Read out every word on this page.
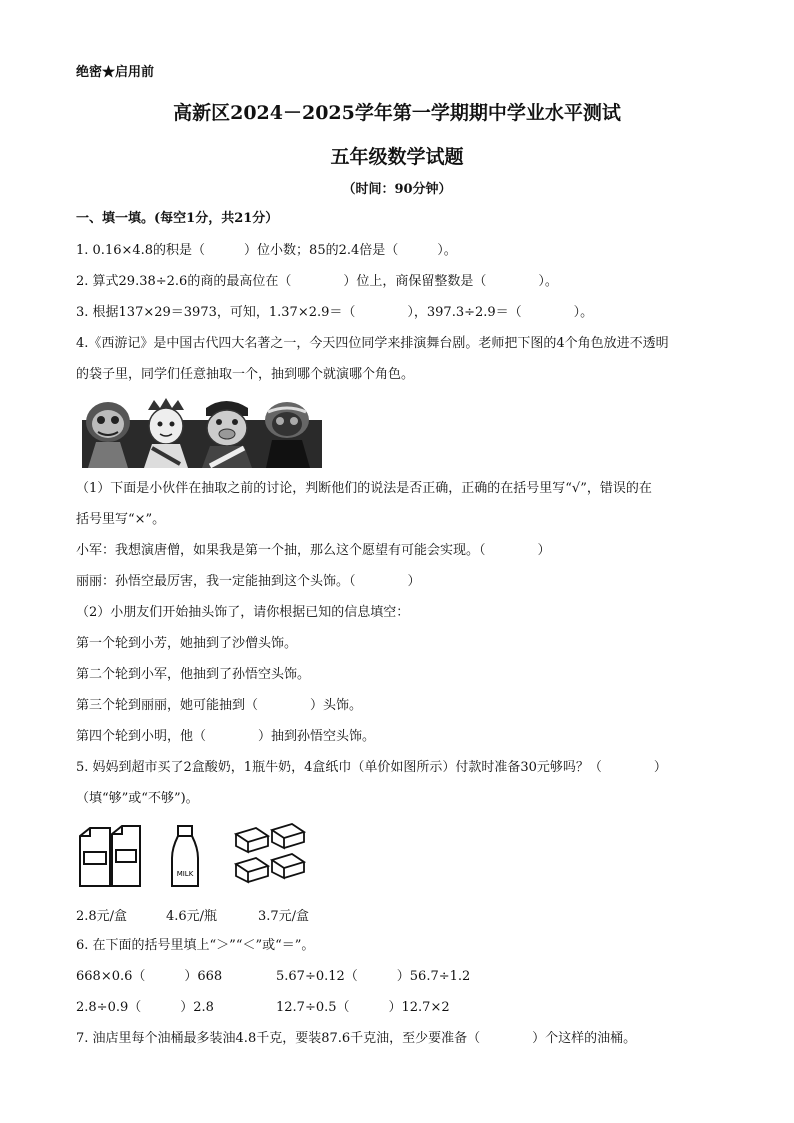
绝密★启用前
高新区2024－2025学年第一学期期中学业水平测试
五年级数学试题
（时间：90分钟）
一、填一填。(每空1分，共21分）
1. 0.16×4.8的积是（　　　）位小数；85的2.4倍是（　　　）。
2. 算式29.38÷2.6的商的最高位在（　　　　）位上，商保留整数是（　　　　）。
3. 根据137×29＝3973，可知，1.37×2.9＝（　　　　），397.3÷2.9＝（　　　　）。
4.《西游记》是中国古代四大名著之一，今天四位同学来排演舞台剧。老师把下图的4个角色放进不透明
的袋子里，同学们任意抽取一个，抽到哪个就演哪个角色。
（1）下面是小伙伴在抽取之前的讨论，判断他们的说法是否正确，正确的在括号里写“√”，错误的在
括号里写“×”。
小军：我想演唐僧，如果我是第一个抽，那么这个愿望有可能会实现。（　　　　）
丽丽：孙悟空最厉害，我一定能抽到这个头饰。（　　　　）
（2）小朋友们开始抽头饰了，请你根据已知的信息填空：
第一个轮到小芳，她抽到了沙僧头饰。
第二个轮到小军，他抽到了孙悟空头饰。
第三个轮到丽丽，她可能抽到（　　　　）头饰。
第四个轮到小明，他（　　　　）抽到孙悟空头饰。
5. 妈妈到超市买了2盒酸奶，1瓶牛奶，4盒纸巾（单价如图所示）付款时准备30元够吗？（　　　　）
（填“够”或“不够”)。
MILK
2.8元/盒	4.6元/瓶	3.7元/盒
6. 在下面的括号里填上“＞”“＜”或“＝”。
668×0.6（　　　）668	5.67÷0.12（　　　）56.7÷1.2
2.8÷0.9（　　　）2.8	12.7÷0.5（　　　）12.7×2
7. 油店里每个油桶最多装油4.8千克，要装87.6千克油，至少要准备（　　　　）个这样的油桶。
